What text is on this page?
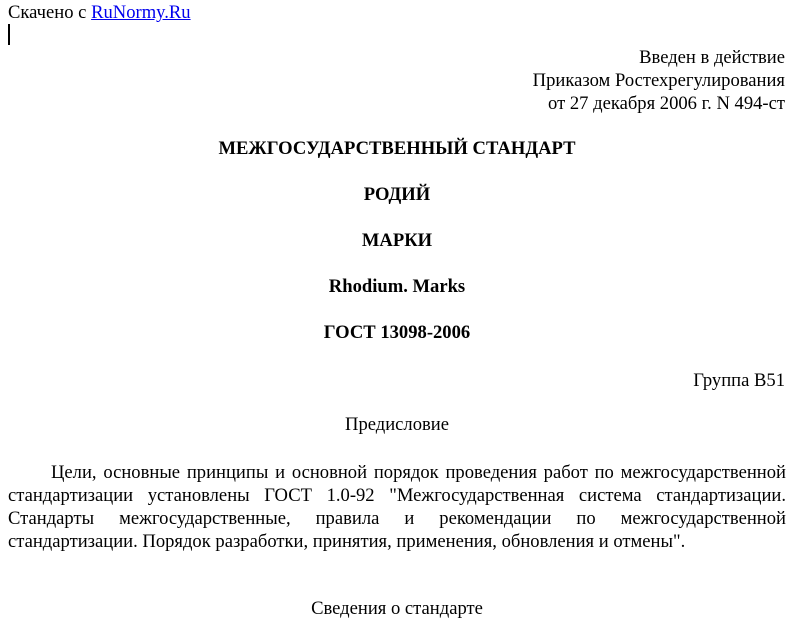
Скачено с RuNormy.Ru
Введен в действие
Приказом Ростехрегулирования
от 27 декабря 2006 г. N 494-ст
МЕЖГОСУДАРСТВЕННЫЙ СТАНДАРТ
РОДИЙ
МАРКИ
Rhodium. Marks
ГОСТ 13098-2006
Группа В51
Предисловие

Цели, основные принципы и основной порядок проведения работ по межгосударственной стандартизации установлены ГОСТ 1.0-92 "Межгосударственная система стандартизации. Стандарты межгосударственные, правила и рекомендации по межгосударственной стандартизации. Порядок разработки, принятия, применения, обновления и отмены".

Сведения о стандарте
